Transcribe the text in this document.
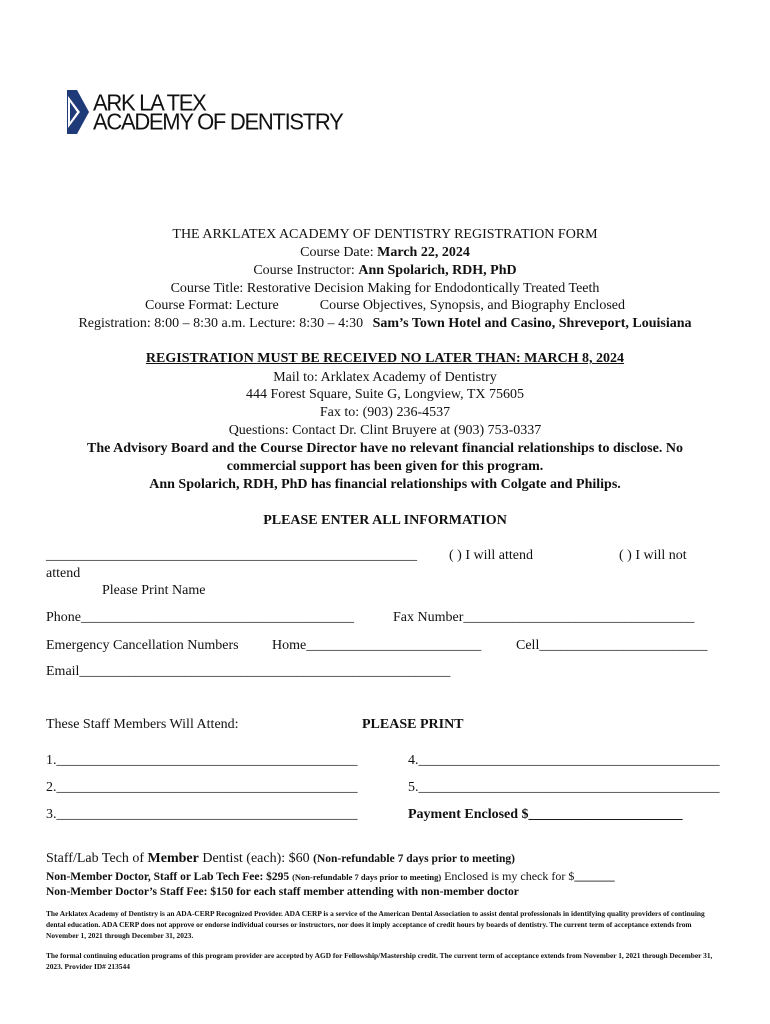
ARK LA TEX
ACADEMY OF DENTISTRY
THE ARKLATEX ACADEMY OF DENTISTRY REGISTRATION FORM
Course Date: March 22, 2024
Course Instructor: Ann Spolarich, RDH, PhD
Course Title: Restorative Decision Making for Endodontically Treated Teeth
Course Format: Lecture	Course Objectives, Synopsis, and Biography Enclosed
Registration: 8:00 – 8:30 a.m. Lecture: 8:30 – 4:30 Sam’s Town Hotel and Casino, Shreveport, Louisiana
REGISTRATION MUST BE RECEIVED NO LATER THAN: MARCH 8, 2024
Mail to: Arklatex Academy of Dentistry
444 Forest Square, Suite G, Longview, TX 75605
Fax to: (903) 236-4537
Questions: Contact Dr. Clint Bruyere at (903) 753-0337
The Advisory Board and the Course Director have no relevant financial relationships to disclose. No
commercial support has been given for this program.
Ann Spolarich, RDH, PhD has financial relationships with Colgate and Philips.
PLEASE ENTER ALL INFORMATION
_____________________________________________________ ( ) I will attend	( ) I will not
attend
Please Print Name
Phone_______________________________________	Fax Number_________________________________
Emergency Cancellation Numbers Home_________________________ Cell________________________
Email_____________________________________________________
These Staff Members Will Attend:	PLEASE PRINT
1.___________________________________________	4.___________________________________________
2.___________________________________________	5.___________________________________________
3.___________________________________________	Payment Enclosed $______________________
Staff/Lab Tech of Member Dentist (each): $60 (Non-refundable 7 days prior to meeting)
Non-Member Doctor, Staff or Lab Tech Fee: $295 (Non-refundable 7 days prior to meeting) Enclosed is my check for $_______
Non-Member Doctor’s Staff Fee: $150 for each staff member attending with non-member doctor
The Arklatex Academy of Dentistry is an ADA-CERP Recognized Provider. ADA CERP is a service of the American Dental Association to assist dental professionals in identifying quality providers of continuing dental education. ADA CERP does not approve or endorse individual courses or instructors, nor does it imply acceptance of credit hours by boards of dentistry. The current term of acceptance extends from November 1, 2021 through December 31, 2023.
The formal continuing education programs of this program provider are accepted by AGD for Fellowship/Mastership credit. The current term of acceptance extends from November 1, 2021 through December 31, 2023. Provider ID# 213544
